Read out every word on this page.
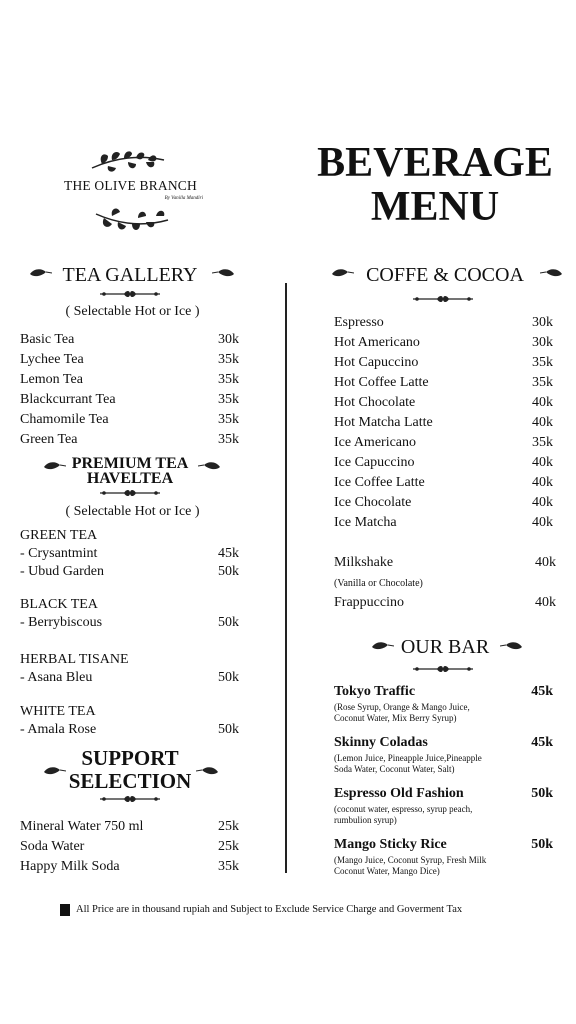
THE OLIVE BRANCH
By Vanilla Mandiri
BEVERAGE
MENU
TEA GALLERY
( Selectable Hot or Ice )
Basic Tea	30k
Lychee Tea	35k
Lemon Tea	35k
Blackcurrant Tea	35k
Chamomile Tea	35k
Green Tea	35k
PREMIUM TEA
HAVELTEA
( Selectable Hot or Ice )
GREEN TEA
- Crysantmint	45k
- Ubud Garden	50k
BLACK TEA
- Berrybiscous	50k
HERBAL TISANE
- Asana Bleu	50k
WHITE TEA
- Amala Rose	50k
SUPPORT
SELECTION
Mineral Water 750 ml	25k
Soda Water	25k
Happy Milk Soda	35k
COFFE & COCOA
Espresso	30k
Hot Americano	30k
Hot Capuccino	35k
Hot Coffee Latte	35k
Hot Chocolate	40k
Hot Matcha Latte	40k
Ice Americano	35k
Ice Capuccino	40k
Ice Coffee Latte	40k
Ice Chocolate	40k
Ice Matcha	40k
Milkshake	40k
(Vanilla or Chocolate)
Frappuccino	40k
OUR BAR
Tokyo Traffic	45k
(Rose Syrup, Orange & Mango Juice,
Coconut Water, Mix Berry Syrup)
Skinny Coladas	45k
(Lemon Juice, Pineapple Juice,Pineapple
Soda Water, Coconut Water, Salt)
Espresso Old Fashion	50k
(coconut water, espresso, syrup peach,
rumbulion syrup)
Mango Sticky Rice	50k
(Mango Juice, Coconut Syrup, Fresh Milk
Coconut Water, Mango Dice)
All Price are in thousand rupiah and Subject to Exclude Service Charge and Goverment Tax
